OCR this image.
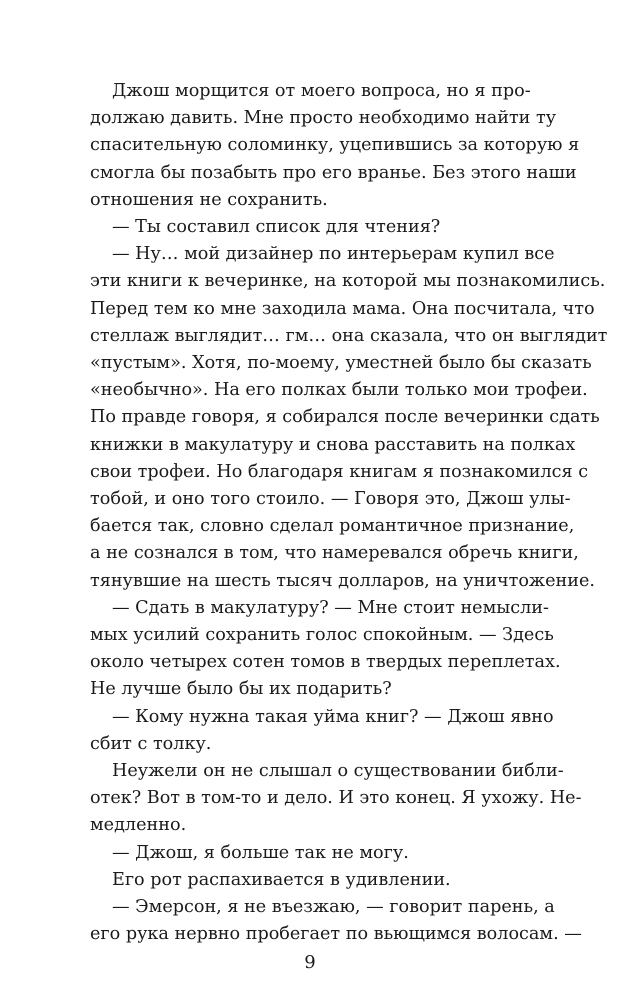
Джош морщится от моего вопроса, но я про-
должаю давить. Мне просто необходимо найти ту
спасительную соломинку, уцепившись за которую я
смогла бы позабыть про его вранье. Без этого наши
отношения не сохранить.
— Ты составил список для чтения?
— Ну… мой дизайнер по интерьерам купил все
эти книги к вечеринке, на которой мы познакомились.
Перед тем ко мне заходила мама. Она посчитала, что
стеллаж выглядит… гм… она сказала, что он выглядит
«пустым». Хотя, по-моему, уместней было бы сказать
«необычно». На его полках были только мои трофеи.
По правде говоря, я собирался после вечеринки сдать
книжки в макулатуру и снова расставить на полках
свои трофеи. Но благодаря книгам я познакомился с
тобой, и оно того стоило. — Говоря это, Джош улы-
бается так, словно сделал романтичное признание,
а не сознался в том, что намеревался обречь книги,
тянувшие на шесть тысяч долларов, на уничтожение.
— Сдать в макулатуру? — Мне стоит немысли-
мых усилий сохранить голос спокойным. — Здесь
около четырех сотен томов в твердых переплетах.
Не лучше было бы их подарить?
— Кому нужна такая уйма книг? — Джош явно
сбит с толку.
Неужели он не слышал о существовании библи-
отек? Вот в том-то и дело. И это конец. Я ухожу. Не-
медленно.
9
— Джош, я больше так не могу.
Его рот распахивается в удивлении.
— Эмерсон, я не въезжаю, — говорит парень, а
его рука нервно пробегает по вьющимся волосам. —
